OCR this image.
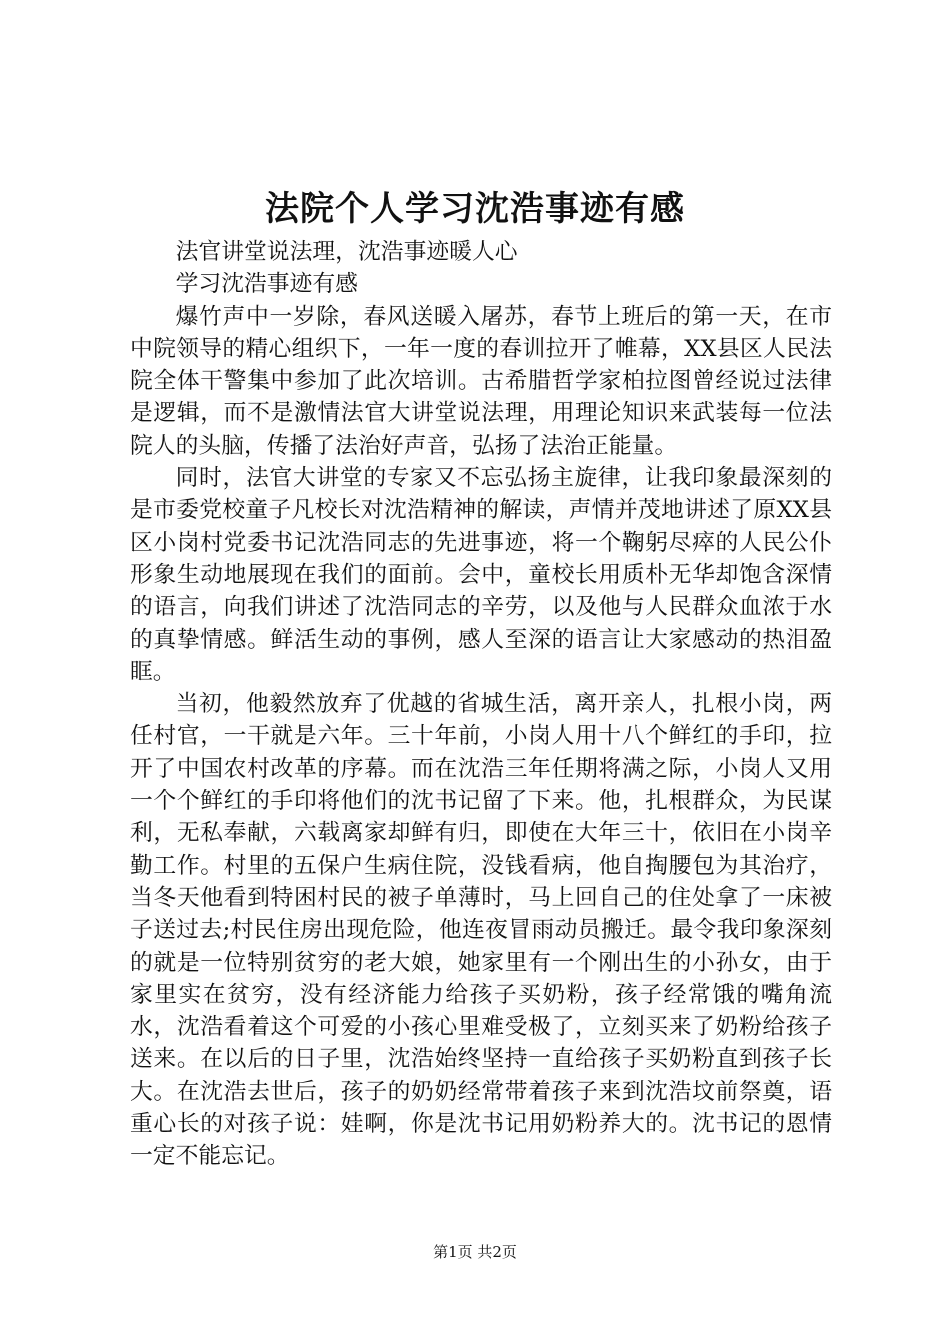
法院个人学习沈浩事迹有感

法官讲堂说法理，沈浩事迹暖人心

学习沈浩事迹有感

爆竹声中一岁除，春风送暖入屠苏，春节上班后的第一天，在市中院领导的精心组织下，一年一度的春训拉开了帷幕，XX县区人民法院全体干警集中参加了此次培训。古希腊哲学家柏拉图曾经说过法律是逻辑，而不是激情法官大讲堂说法理，用理论知识来武装每一位法院人的头脑，传播了法治好声音，弘扬了法治正能量。

同时，法官大讲堂的专家又不忘弘扬主旋律，让我印象最深刻的是市委党校童子凡校长对沈浩精神的解读，声情并茂地讲述了原XX县区小岗村党委书记沈浩同志的先进事迹，将一个鞠躬尽瘁的人民公仆形象生动地展现在我们的面前。会中，童校长用质朴无华却饱含深情的语言，向我们讲述了沈浩同志的辛劳，以及他与人民群众血浓于水的真挚情感。鲜活生动的事例，感人至深的语言让大家感动的热泪盈眶。

当初，他毅然放弃了优越的省城生活，离开亲人，扎根小岗，两任村官，一干就是六年。三十年前，小岗人用十八个鲜红的手印，拉开了中国农村改革的序幕。而在沈浩三年任期将满之际，小岗人又用一个个鲜红的手印将他们的沈书记留了下来。他，扎根群众，为民谋利，无私奉献，六载离家却鲜有归，即使在大年三十，依旧在小岗辛勤工作。村里的五保户生病住院，没钱看病，他自掏腰包为其治疗，当冬天他看到特困村民的被子单薄时，马上回自己的住处拿了一床被子送过去;村民住房出现危险，他连夜冒雨动员搬迁。最令我印象深刻的就是一位特别贫穷的老大娘，她家里有一个刚出生的小孙女，由于家里实在贫穷，没有经济能力给孩子买奶粉，孩子经常饿的嘴角流水，沈浩看着这个可爱的小孩心里难受极了，立刻买来了奶粉给孩子送来。在以后的日子里，沈浩始终坚持一直给孩子买奶粉直到孩子长大。在沈浩去世后，孩子的奶奶经常带着孩子来到沈浩坟前祭奠，语重心长的对孩子说：娃啊，你是沈书记用奶粉养大的。沈书记的恩情一定不能忘记。

第1页 共2页
